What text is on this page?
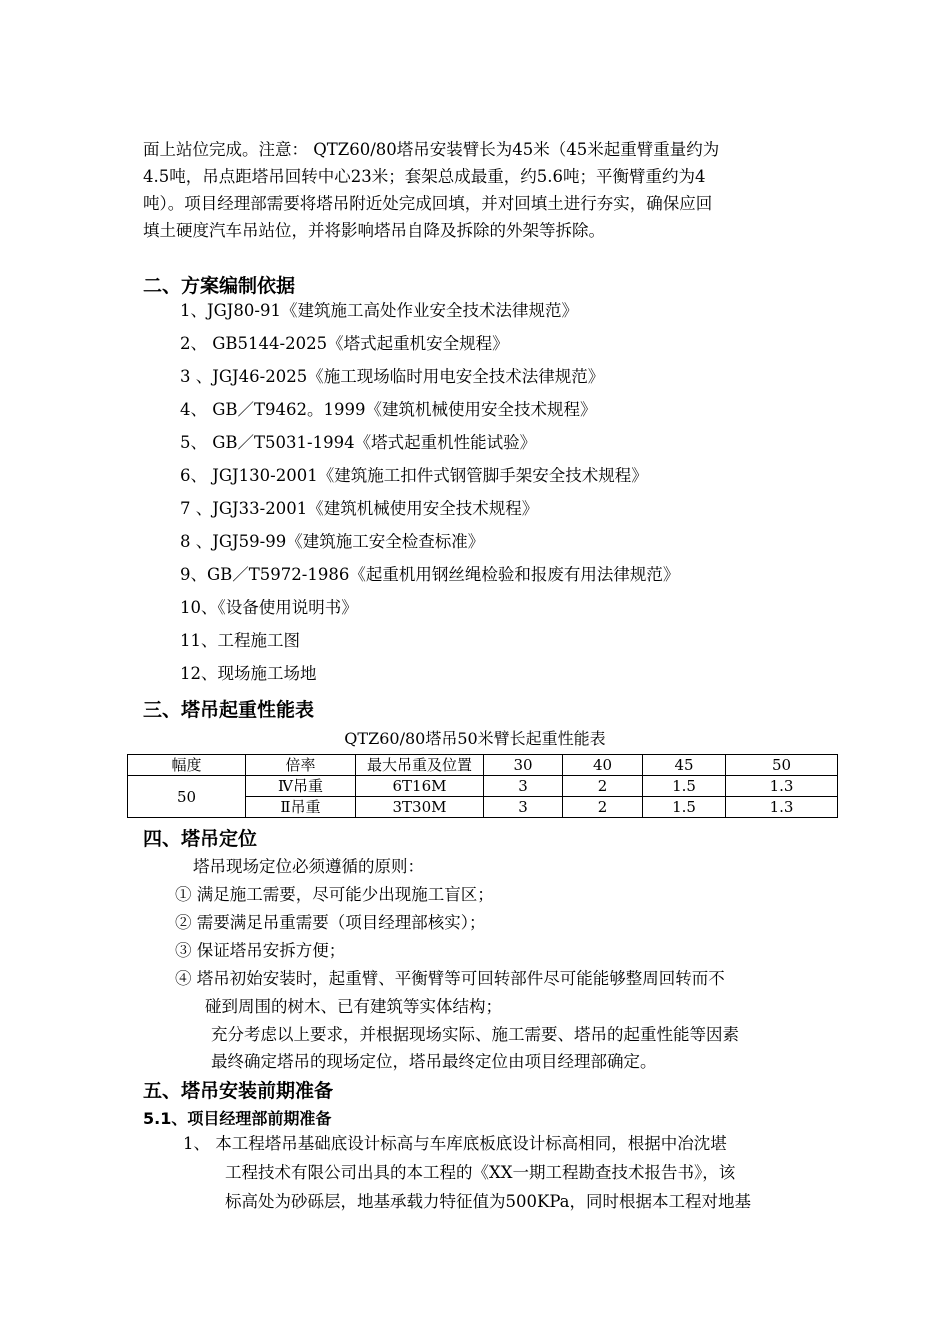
面上站位完成。注意： QTZ60/80塔吊安装臂长为45米（45米起重臂重量约为
4.5吨，吊点距塔吊回转中心23米；套架总成最重，约5.6吨；平衡臂重约为4
吨）。项目经理部需要将塔吊附近处完成回填，并对回填土进行夯实，确保应回
填土硬度汽车吊站位，并将影响塔吊自降及拆除的外架等拆除。
二、方案编制依据
1、JGJ80-91《建筑施工高处作业安全技术法律规范》
2、 GB5144-2025《塔式起重机安全规程》
3 、JGJ46-2025《施工现场临时用电安全技术法律规范》
4、 GB／T9462。1999《建筑机械使用安全技术规程》
5、 GB／T5031-1994《塔式起重机性能试验》
6、 JGJ130-2001《建筑施工扣件式钢管脚手架安全技术规程》
7 、JGJ33-2001《建筑机械使用安全技术规程》
8 、JGJ59-99《建筑施工安全检查标准》
9、GB／T5972-1986《起重机用钢丝绳检验和报废有用法律规范》
10、《设备使用说明书》
11、工程施工图
12、现场施工场地
三、塔吊起重性能表
QTZ60/80塔吊50米臂长起重性能表
幅度	倍率	最大吊重及位置	30	40	45	50
50	Ⅳ吊重	6T16M	3	2	1.5	1.3
	Ⅱ吊重	3T30M	3	2	1.5	1.3
四、塔吊定位
塔吊现场定位必须遵循的原则：
① 满足施工需要，尽可能少出现施工盲区；
② 需要满足吊重需要（项目经理部核实）；
③ 保证塔吊安拆方便；
④ 塔吊初始安装时，起重臂、平衡臂等可回转部件尽可能能够整周回转而不
碰到周围的树木、已有建筑等实体结构；
充分考虑以上要求，并根据现场实际、施工需要、塔吊的起重性能等因素
最终确定塔吊的现场定位，塔吊最终定位由项目经理部确定。
五、塔吊安装前期准备
5.1、项目经理部前期准备
1、 本工程塔吊基础底设计标高与车库底板底设计标高相同，根据中冶沈堪
工程技术有限公司出具的本工程的《XX一期工程勘查技术报告书》，该
标高处为砂砾层，地基承载力特征值为500KPa，同时根据本工程对地基
